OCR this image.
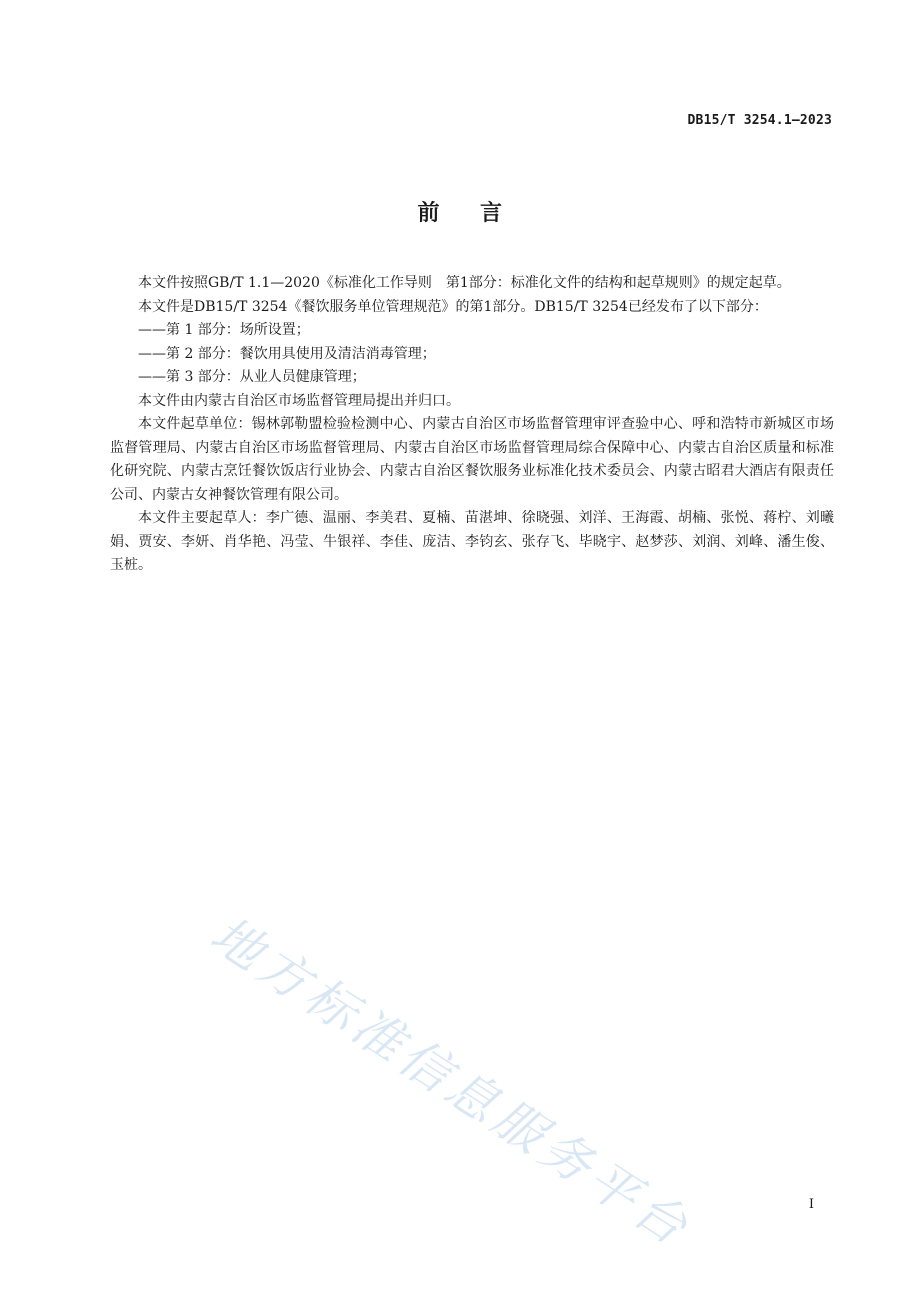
DB15/T 3254.1—2023
前 言

本文件按照GB/T 1.1—2020《标准化工作导则　第1部分：标准化文件的结构和起草规则》的规定起草。

本文件是DB15/T 3254《餐饮服务单位管理规范》的第1部分。DB15/T 3254已经发布了以下部分：

——第 1 部分：场所设置；

——第 2 部分：餐饮用具使用及清洁消毒管理；

——第 3 部分：从业人员健康管理；

本文件由内蒙古自治区市场监督管理局提出并归口。

本文件起草单位：锡林郭勒盟检验检测中心、内蒙古自治区市场监督管理审评查验中心、呼和浩特市新城区市场监督管理局、内蒙古自治区市场监督管理局、内蒙古自治区市场监督管理局综合保障中心、内蒙古自治区质量和标准化研究院、内蒙古烹饪餐饮饭店行业协会、内蒙古自治区餐饮服务业标准化技术委员会、内蒙古昭君大酒店有限责任公司、内蒙古女神餐饮管理有限公司。

本文件主要起草人：李广德、温丽、李美君、夏楠、苗湛坤、徐晓强、刘洋、王海霞、胡楠、张悦、蒋柠、刘曦娟、贾安、李妍、肖华艳、冯莹、牛银祥、李佳、庞洁、李钧玄、张存飞、毕晓宇、赵梦莎、刘润、刘峰、潘生俊、玉桩。

地方标准信息服务平台	I
